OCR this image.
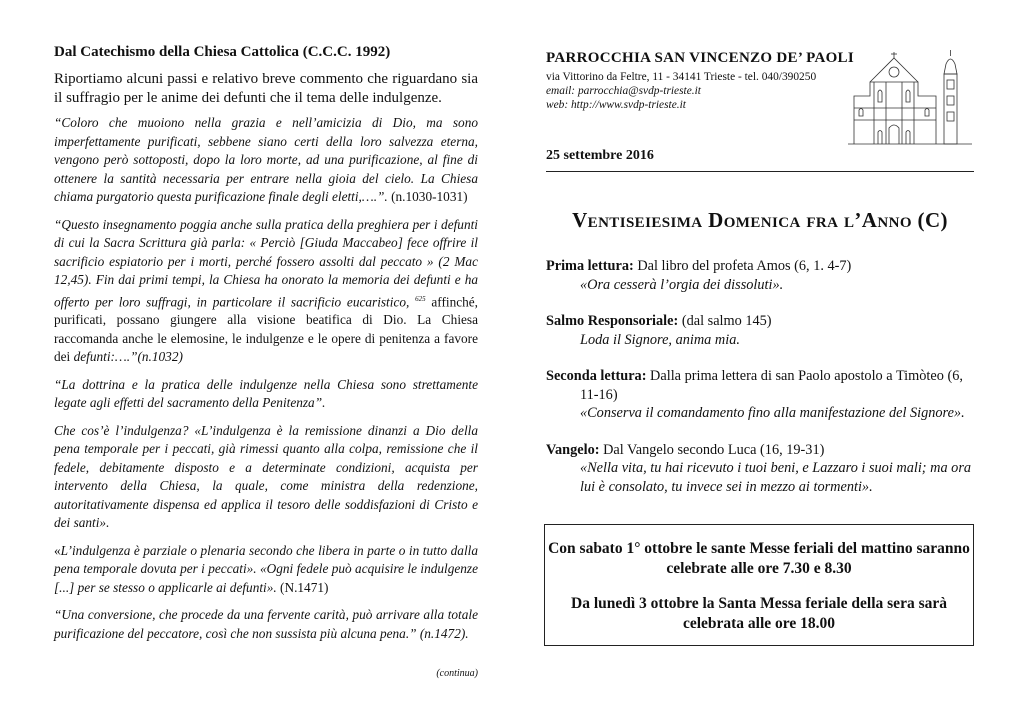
Dal Catechismo della Chiesa Cattolica (C.C.C. 1992)

Riportiamo alcuni passi e relativo breve commento che riguardano sia il suffragio per le anime dei defunti che il tema delle indulgenze.

“Coloro che muoiono nella grazia e nell’amicizia di Dio, ma sono imperfettamente purificati, sebbene siano certi della loro salvezza eterna, vengono però sottoposti, dopo la loro morte, ad una purificazione, al fine di ottenere la santità necessaria per entrare nella gioia del cielo. La Chiesa chiama purgatorio questa purificazione finale degli eletti,….”. (n.1030-1031)

“Questo insegnamento poggia anche sulla pratica della preghiera per i defunti di cui la Sacra Scrittura già parla: « Perciò [Giuda Maccabeo] fece offrire il sacrificio espiatorio per i morti, perché fossero assolti dal peccato » (2 Mac 12,45). Fin dai primi tempi, la Chiesa ha onorato la memoria dei defunti e ha offerto per loro suffragi, in particolare il sacrificio eucaristico, $^{625}$ affinché, purificati, possano giungere alla visione beatifica di Dio. La Chiesa raccomanda anche le elemosine, le indulgenze e le opere di penitenza a favore dei defunti:….”(n.1032)

“La dottrina e la pratica delle indulgenze nella Chiesa sono strettamente legate agli effetti del sacramento della Penitenza”.

Che cos’è l’indulgenza? «L’indulgenza è la remissione dinanzi a Dio della pena temporale per i peccati, già rimessi quanto alla colpa, remissione che il fedele, debitamente disposto e a determinate condizioni, acquista per intervento della Chiesa, la quale, come ministra della redenzione, autoritativamente dispensa ed applica il tesoro delle soddisfazioni di Cristo e dei santi».

«L’indulgenza è parziale o plenaria secondo che libera in parte o in tutto dalla pena temporale dovuta per i peccati». «Ogni fedele può acquisire le indulgenze [...] per se stesso o applicarle ai defunti». (N.1471)

“Una conversione, che procede da una fervente carità, può arrivare alla totale purificazione del peccatore, così che non sussista più alcuna pena.” (n.1472).

(continua)

PARROCCHIA SAN VINCENZO DE’ PAOLI

via Vittorino da Feltre, 11 - 34141 Trieste - tel. 040/390250

email: parrocchia@svdp-trieste.it

web: http://www.svdp-trieste.it

25 settembre 2016
Ventiseiesima Domenica fra l’Anno (C)
Prima lettura: Dal libro del profeta Amos (6, 1. 4-7)
«Ora cesserà l’orgia dei dissoluti».
Salmo Responsoriale: (dal salmo 145)
Loda il Signore, anima mia.
Seconda lettura: Dalla prima lettera di san Paolo apostolo a Timòteo (6,
11-16)
«Conserva il comandamento fino alla manifestazione del Signore».
Vangelo: Dal Vangelo secondo Luca (16, 19-31)
«Nella vita, tu hai ricevuto i tuoi beni, e Lazzaro i suoi mali; ma ora lui è consolato, tu invece sei in mezzo ai tormenti».

Con sabato 1° ottobre le sante Messe feriali del mattino saranno celebrate alle ore 7.30 e 8.30

Da lunedì 3 ottobre la Santa Messa feriale della sera sarà celebrata alle ore 18.00
